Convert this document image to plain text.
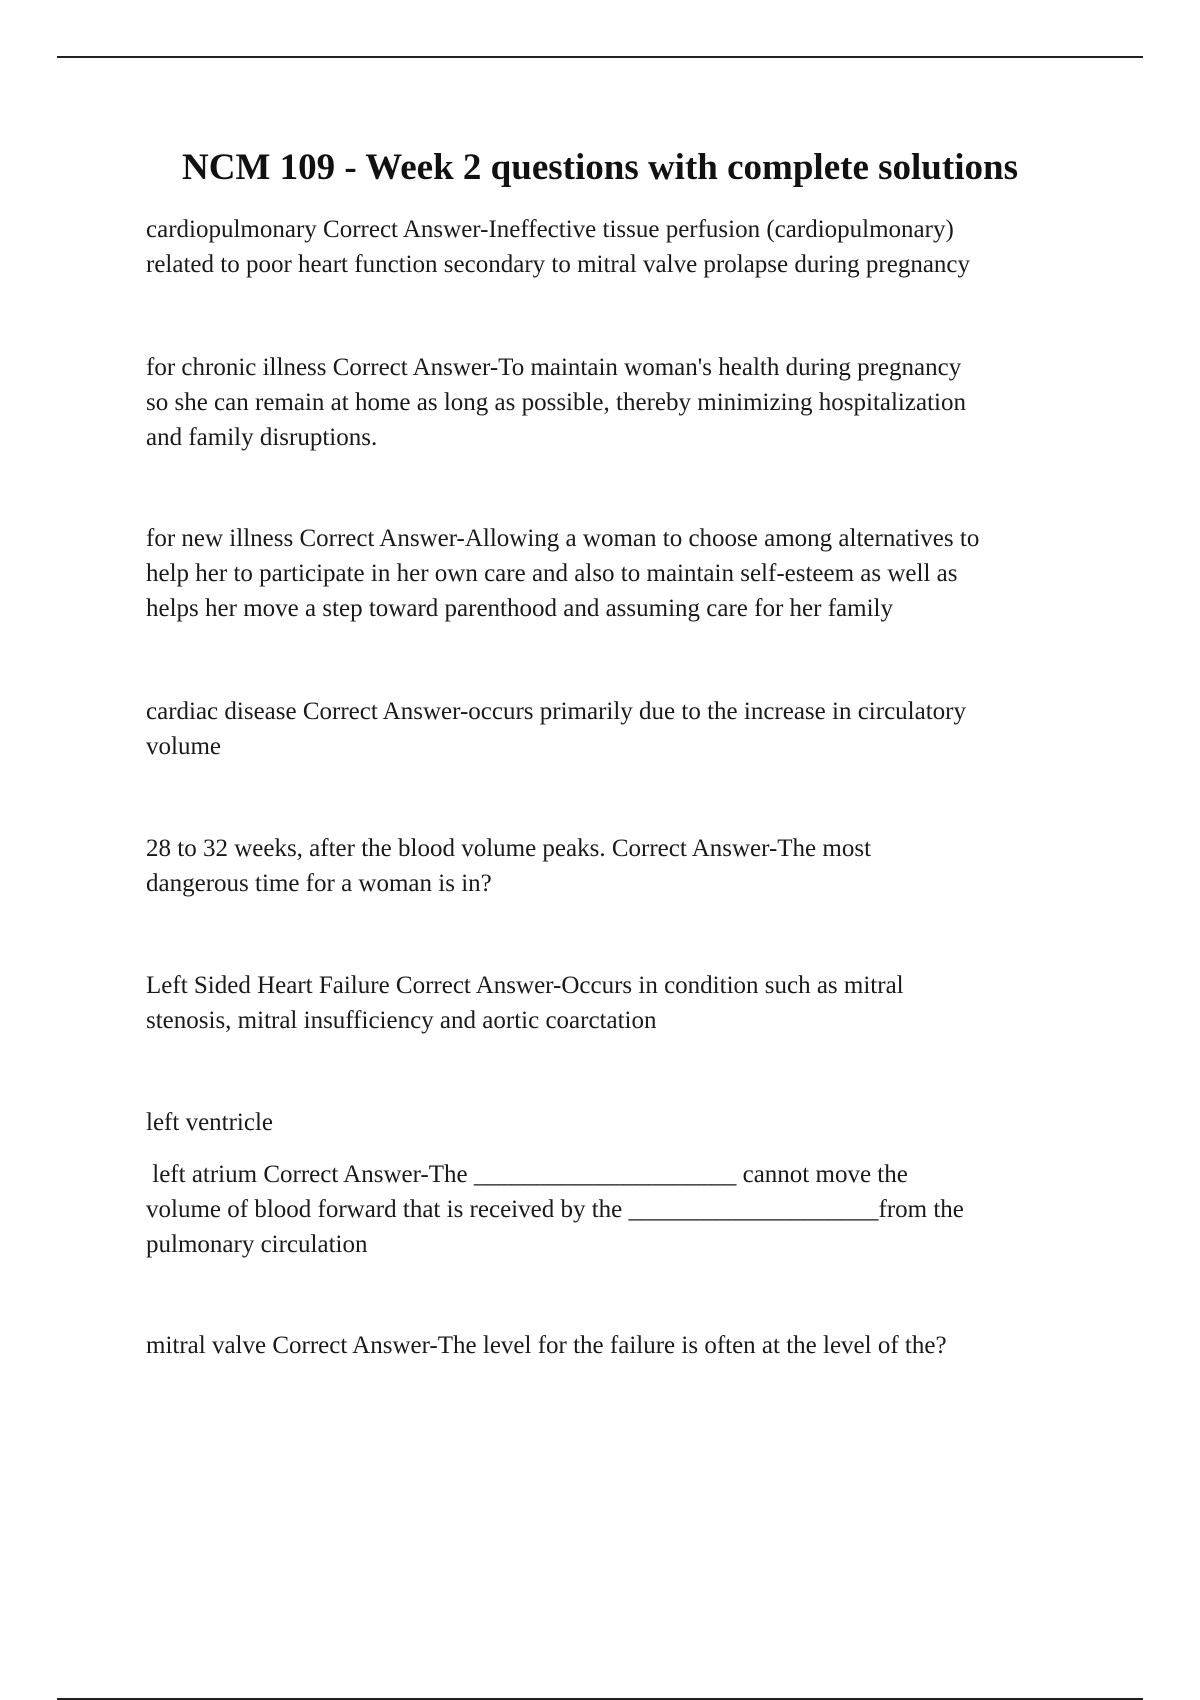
NCM 109 - Week 2 questions with complete solutions
cardiopulmonary Correct Answer-Ineffective tissue perfusion (cardiopulmonary)
related to poor heart function secondary to mitral valve prolapse during pregnancy
for chronic illness Correct Answer-To maintain woman's health during pregnancy
so she can remain at home as long as possible, thereby minimizing hospitalization
and family disruptions.
for new illness Correct Answer-Allowing a woman to choose among alternatives to
help her to participate in her own care and also to maintain self-esteem as well as
helps her move a step toward parenthood and assuming care for her family
cardiac disease Correct Answer-occurs primarily due to the increase in circulatory
volume
28 to 32 weeks, after the blood volume peaks. Correct Answer-The most
dangerous time for a woman is in?
Left Sided Heart Failure Correct Answer-Occurs in condition such as mitral
stenosis, mitral insufficiency and aortic coarctation
left ventricle
left atrium Correct Answer-The _____________________ cannot move the
volume of blood forward that is received by the ____________________from the
pulmonary circulation
mitral valve Correct Answer-The level for the failure is often at the level of the?
